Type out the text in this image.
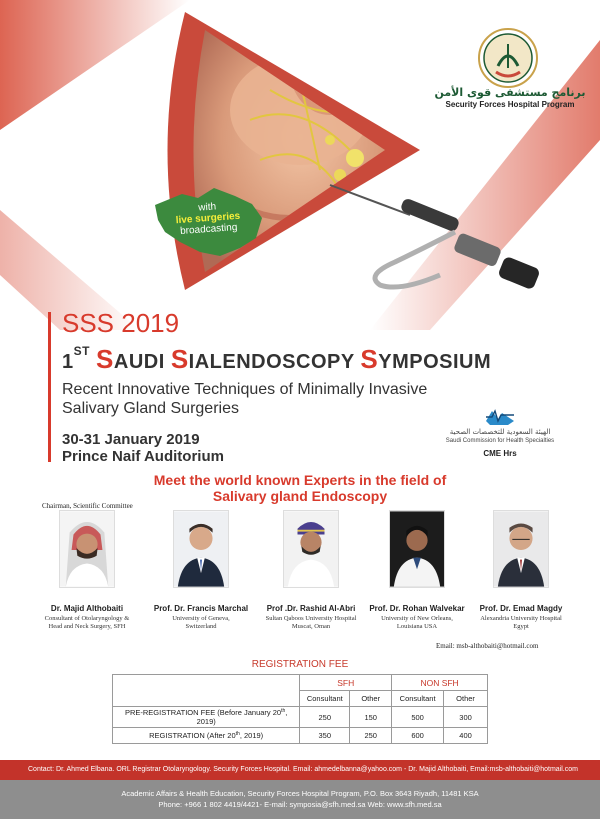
برنامج مستشفى قوى الأمن
Security Forces Hospital Program
with
live surgeries
broadcasting
SSS 2019
1ST SAUDI SIALENDOSCOPY SYMPOSIUM
Recent Innovative Techniques of Minimally Invasive
Salivary Gland Surgeries
30-31 January 2019
Prince Naif Auditorium
الهيئة السعودية للتخصصات الصحية
Saudi Commission for Health Specialties
CME Hrs
Meet the world known Experts in the field of
Salivary gland Endoscopy
Chairman, Scientific Committee
Dr. Majid Althobaiti
Consultant of Otolaryngology &
Head and Neck Surgery, SFH
Prof. Dr. Francis Marchal
University of Geneva,
Switzerland
Prof .Dr. Rashid Al-Abri
Sultan Qaboos University Hospital
Muscat, Oman
Prof. Dr. Rohan Walvekar
University of New Orleans,
Louisiana USA
Prof. Dr. Emad Magdy
Alexandria University Hospital
Egypt
Email: msb-althobaiti@hotmail.com
REGISTRATION FEE
	SFH		NON SFH	
	Consultant	Other	Consultant	Other
PRE-REGISTRATION FEE (Before January 20th, 2019)	250	150	500	300
REGISTRATION (After 20th, 2019)	350	250	600	400
Contact: Dr. Ahmed Elbana. ORL Registrar Otolaryngology. Security Forces Hospital. Email: ahmedelbanna@yahoo.com - Dr. Majid Althobaiti, Email:msb-althobaiti@hotmail.com
Academic Affairs & Health Education, Security Forces Hospital Program, P.O. Box 3643 Riyadh, 11481 KSA
Phone: +966 1 802 4419/4421- E-mail: symposia@sfh.med.sa Web: www.sfh.med.sa
